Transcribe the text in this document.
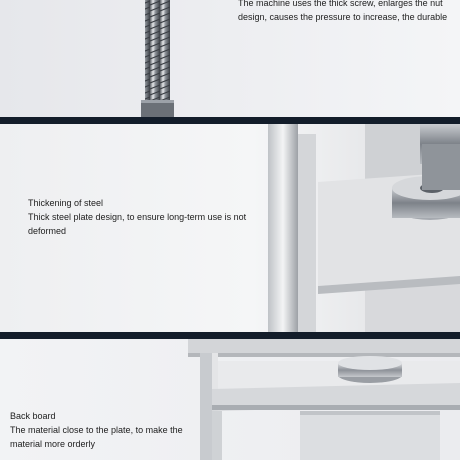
The machine uses the thick screw, enlarges the nut design, causes the pressure to increase, the durable

Thickening of steel

Thick steel plate design, to ensure long-term use is not deformed

Back board

The material close to the plate, to make the material more orderly
